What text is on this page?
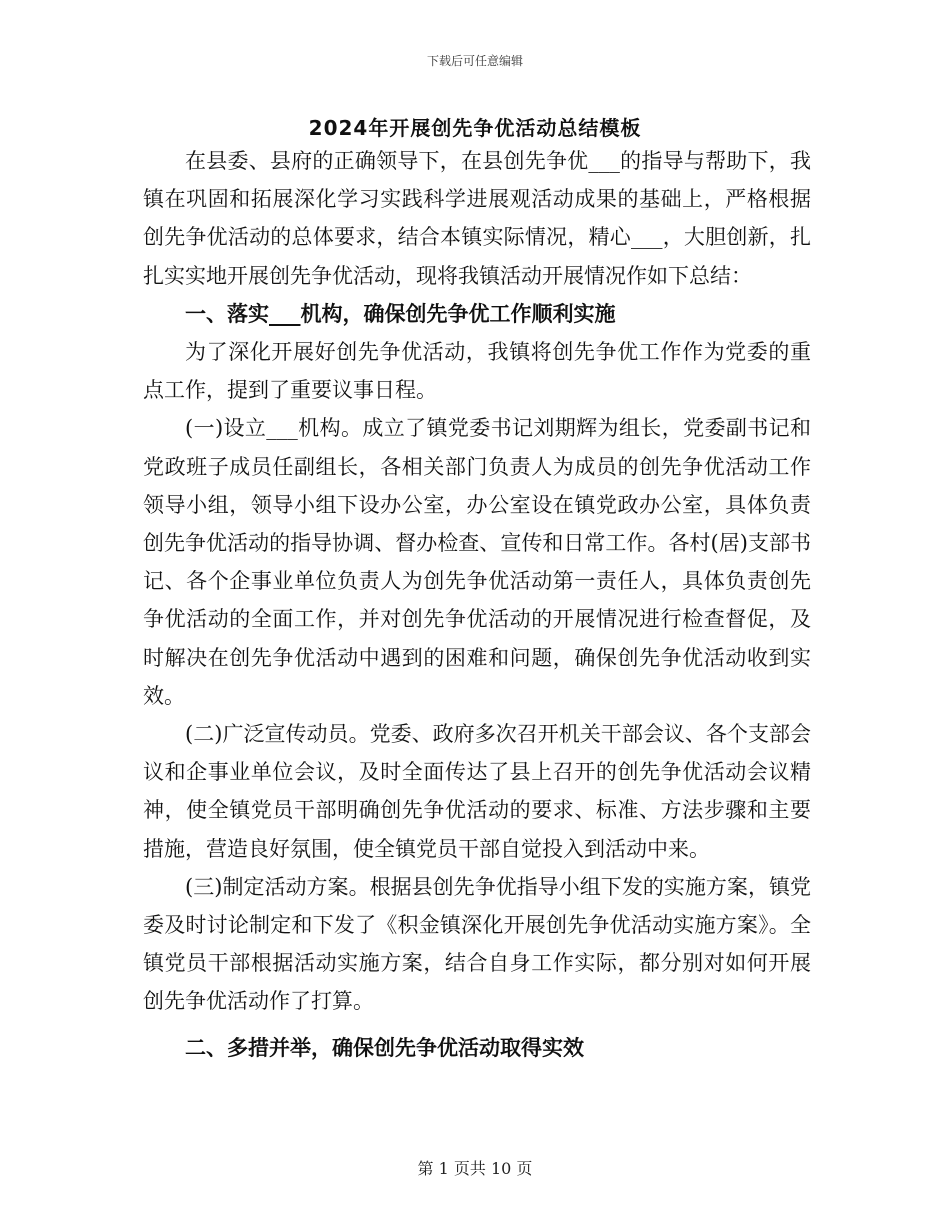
下载后可任意编辑
2024年开展创先争优活动总结模板

在县委、县府的正确领导下，在县创先争优___的指导与帮助下，我镇在巩固和拓展深化学习实践科学进展观活动成果的基础上，严格根据创先争优活动的总体要求，结合本镇实际情况，精心___，大胆创新，扎扎实实地开展创先争优活动，现将我镇活动开展情况作如下总结：

一、落实___机构，确保创先争优工作顺利实施

为了深化开展好创先争优活动，我镇将创先争优工作作为党委的重点工作，提到了重要议事日程。

(一)设立___机构。成立了镇党委书记刘期辉为组长，党委副书记和党政班子成员任副组长，各相关部门负责人为成员的创先争优活动工作领导小组，领导小组下设办公室，办公室设在镇党政办公室，具体负责创先争优活动的指导协调、督办检查、宣传和日常工作。各村(居)支部书记、各个企事业单位负责人为创先争优活动第一责任人，具体负责创先争优活动的全面工作，并对创先争优活动的开展情况进行检查督促，及时解决在创先争优活动中遇到的困难和问题，确保创先争优活动收到实效。

(二)广泛宣传动员。党委、政府多次召开机关干部会议、各个支部会议和企事业单位会议，及时全面传达了县上召开的创先争优活动会议精神，使全镇党员干部明确创先争优活动的要求、标准、方法步骤和主要措施，营造良好氛围，使全镇党员干部自觉投入到活动中来。

(三)制定活动方案。根据县创先争优指导小组下发的实施方案，镇党委及时讨论制定和下发了《积金镇深化开展创先争优活动实施方案》。全镇党员干部根据活动实施方案，结合自身工作实际，都分别对如何开展创先争优活动作了打算。

二、多措并举，确保创先争优活动取得实效

第 1 页共 10 页
